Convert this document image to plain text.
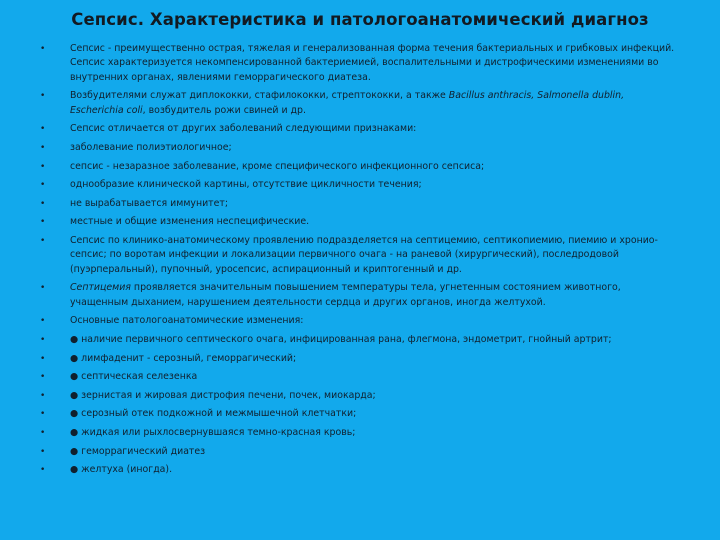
Сепсис. Характеристика и патологоанатомический диагноз
•	Сепсис - преимущественно острая, тяжелая и генерализованная форма течения бактериальных и грибковых инфекций. Сепсис характеризуется некомпенсированной бактериемией, воспалительными и дистрофическими изменениями во внутренних органах, явлениями геморрагического диатеза.
•	Возбудителями служат диплококки, стафилококки, стрептококки, а также Bacillus anthracis, Salmonella dublin, Escherichia coli, возбудитель рожи свиней и др.
•	Сепсис отличается от других заболеваний следующими признаками:
•	заболевание полиэтиологичное;
•	сепсис - незаразное заболевание, кроме специфического инфекционного сепсиса;
•	однообразие клинической картины, отсутствие цикличности течения;
•	не вырабатывается иммунитет;
•	местные и общие изменения неспецифические.
•	Сепсис по клинико-анатомическому проявлению подразделяется на септицемию, септикопиемию, пиемию и хронио-сепсис; по воротам инфекции и локализации первичного очага - на раневой (хирургический), последродовой (пуэрперальный), пупочный, уросепсис, аспирационный и криптогенный и др.
•	Септицемия проявляется значительным повышением температуры тела, угнетенным состоянием животного, учащенным дыханием, нарушением деятельности сердца и других органов, иногда желтухой.
•	Основные патологоанатомические изменения:
•	● наличие первичного септического очага, инфицированная рана, флегмона, эндометрит, гнойный артрит;
•	● лимфаденит - серозный, геморрагический;
•	● септическая селезенка
•	● зернистая и жировая дистрофия печени, почек, миокарда;
•	● серозный отек подкожной и межмышечной клетчатки;
•	● жидкая или рыхлосвернувшаяся темно-красная кровь;
•	● геморрагический диатез
•	● желтуха (иногда).
